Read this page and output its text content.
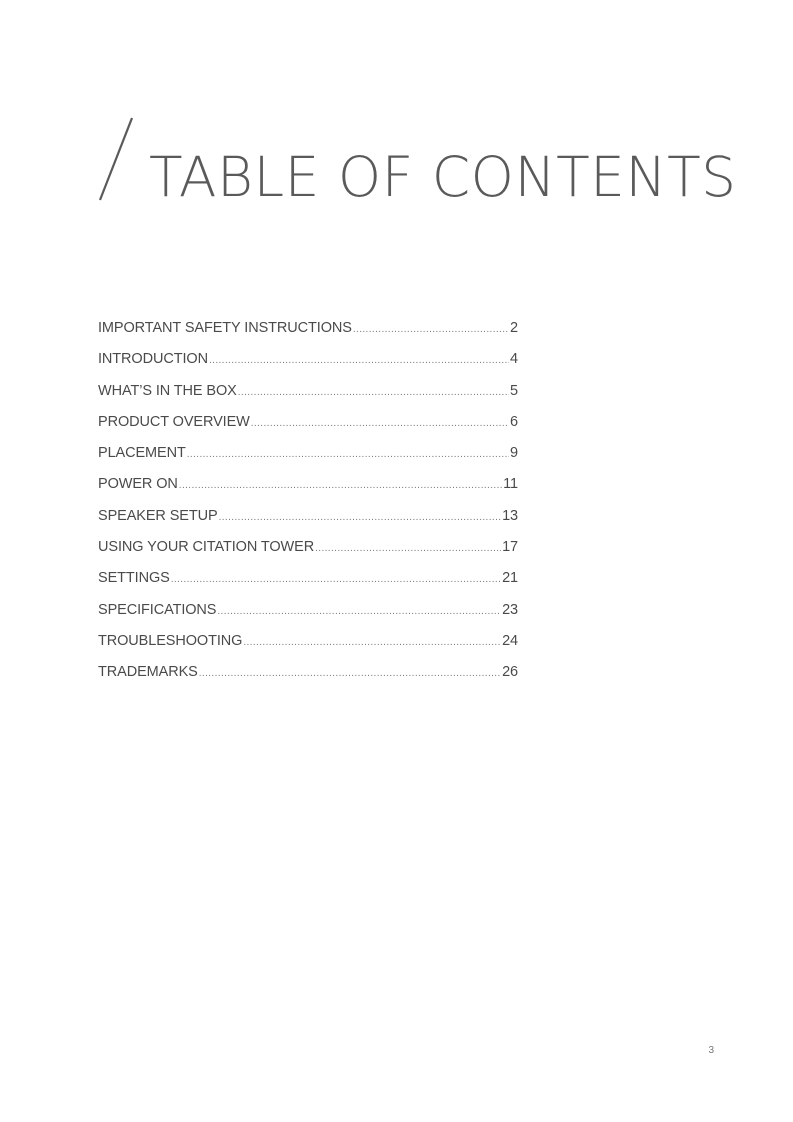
TABLE OF CONTENTS
IMPORTANT SAFETY INSTRUCTIONS .....	2
INTRODUCTION .....	4
WHAT’S IN THE BOX .....	5
PRODUCT OVERVIEW .....	6
PLACEMENT .....	9
POWER ON .....	11
SPEAKER SETUP .....	13
USING YOUR CITATION TOWER .....	17
SETTINGS .....	21
SPECIFICATIONS .....	23
TROUBLESHOOTING .....	24
TRADEMARKS .....	26
3
